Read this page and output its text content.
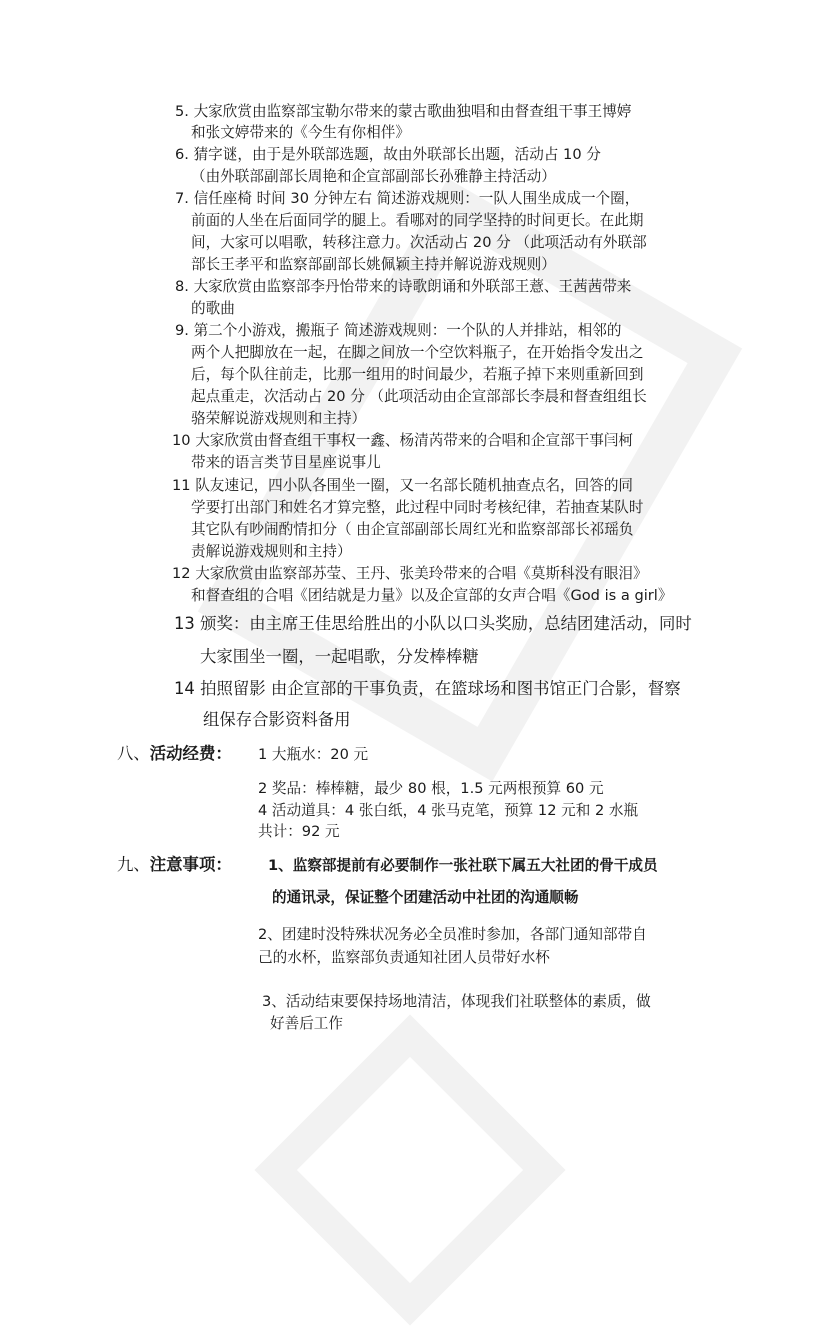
5. 大家欣赏由监察部宝勒尔带来的蒙古歌曲独唱和由督查组干事王博婷
和张文婷带来的《今生有你相伴》
6. 猜字谜，由于是外联部选题，故由外联部长出题，活动占 10 分
（由外联部副部长周艳和企宣部副部长孙雅静主持活动）
7. 信任座椅 时间 30 分钟左右 简述游戏规则：一队人围坐成成一个圈，
前面的人坐在后面同学的腿上。看哪对的同学坚持的时间更长。在此期
间，大家可以唱歌，转移注意力。次活动占 20 分 （此项活动有外联部
部长王孝平和监察部副部长姚佩颖主持并解说游戏规则）
8. 大家欣赏由监察部李丹怡带来的诗歌朗诵和外联部王薏、王茜茜带来
的歌曲
9. 第二个小游戏，搬瓶子 简述游戏规则：一个队的人并排站，相邻的
两个人把脚放在一起，在脚之间放一个空饮料瓶子，在开始指令发出之
后，每个队往前走，比那一组用的时间最少，若瓶子掉下来则重新回到
起点重走，次活动占 20 分 （此项活动由企宣部部长李晨和督查组组长
骆荣解说游戏规则和主持）
10 大家欣赏由督查组干事权一鑫、杨清芮带来的合唱和企宣部干事闫柯
带来的语言类节目星座说事儿
11 队友速记，四小队各围坐一圈，又一名部长随机抽查点名，回答的同
学要打出部门和姓名才算完整，此过程中同时考核纪律，若抽查某队时
其它队有吵闹酌情扣分（ 由企宣部副部长周红光和监察部部长祁瑶负
责解说游戏规则和主持）
12 大家欣赏由监察部苏莹、王丹、张美玲带来的合唱《莫斯科没有眼泪》
和督查组的合唱《团结就是力量》以及企宣部的女声合唱《God is a girl》
13 颁奖：由主席王佳思给胜出的小队以口头奖励，总结团建活动，同时
大家围坐一圈，一起唱歌，分发棒棒糖
14 拍照留影 由企宣部的干事负责，在篮球场和图书馆正门合影，督察
组保存合影资料备用
八、活动经费： 1 大瓶水：20 元
2 奖品：棒棒糖，最少 80 根，1.5 元两根预算 60 元
4 活动道具：4 张白纸，4 张马克笔，预算 12 元和 2 水瓶
共计：92 元
九、注意事项： 1、监察部提前有必要制作一张社联下属五大社团的骨干成员
的通讯录，保证整个团建活动中社团的沟通顺畅
2、团建时没特殊状况务必全员准时参加，各部门通知部带自
己的水杯，监察部负责通知社团人员带好水杯
3、活动结束要保持场地清洁，体现我们社联整体的素质，做
好善后工作
